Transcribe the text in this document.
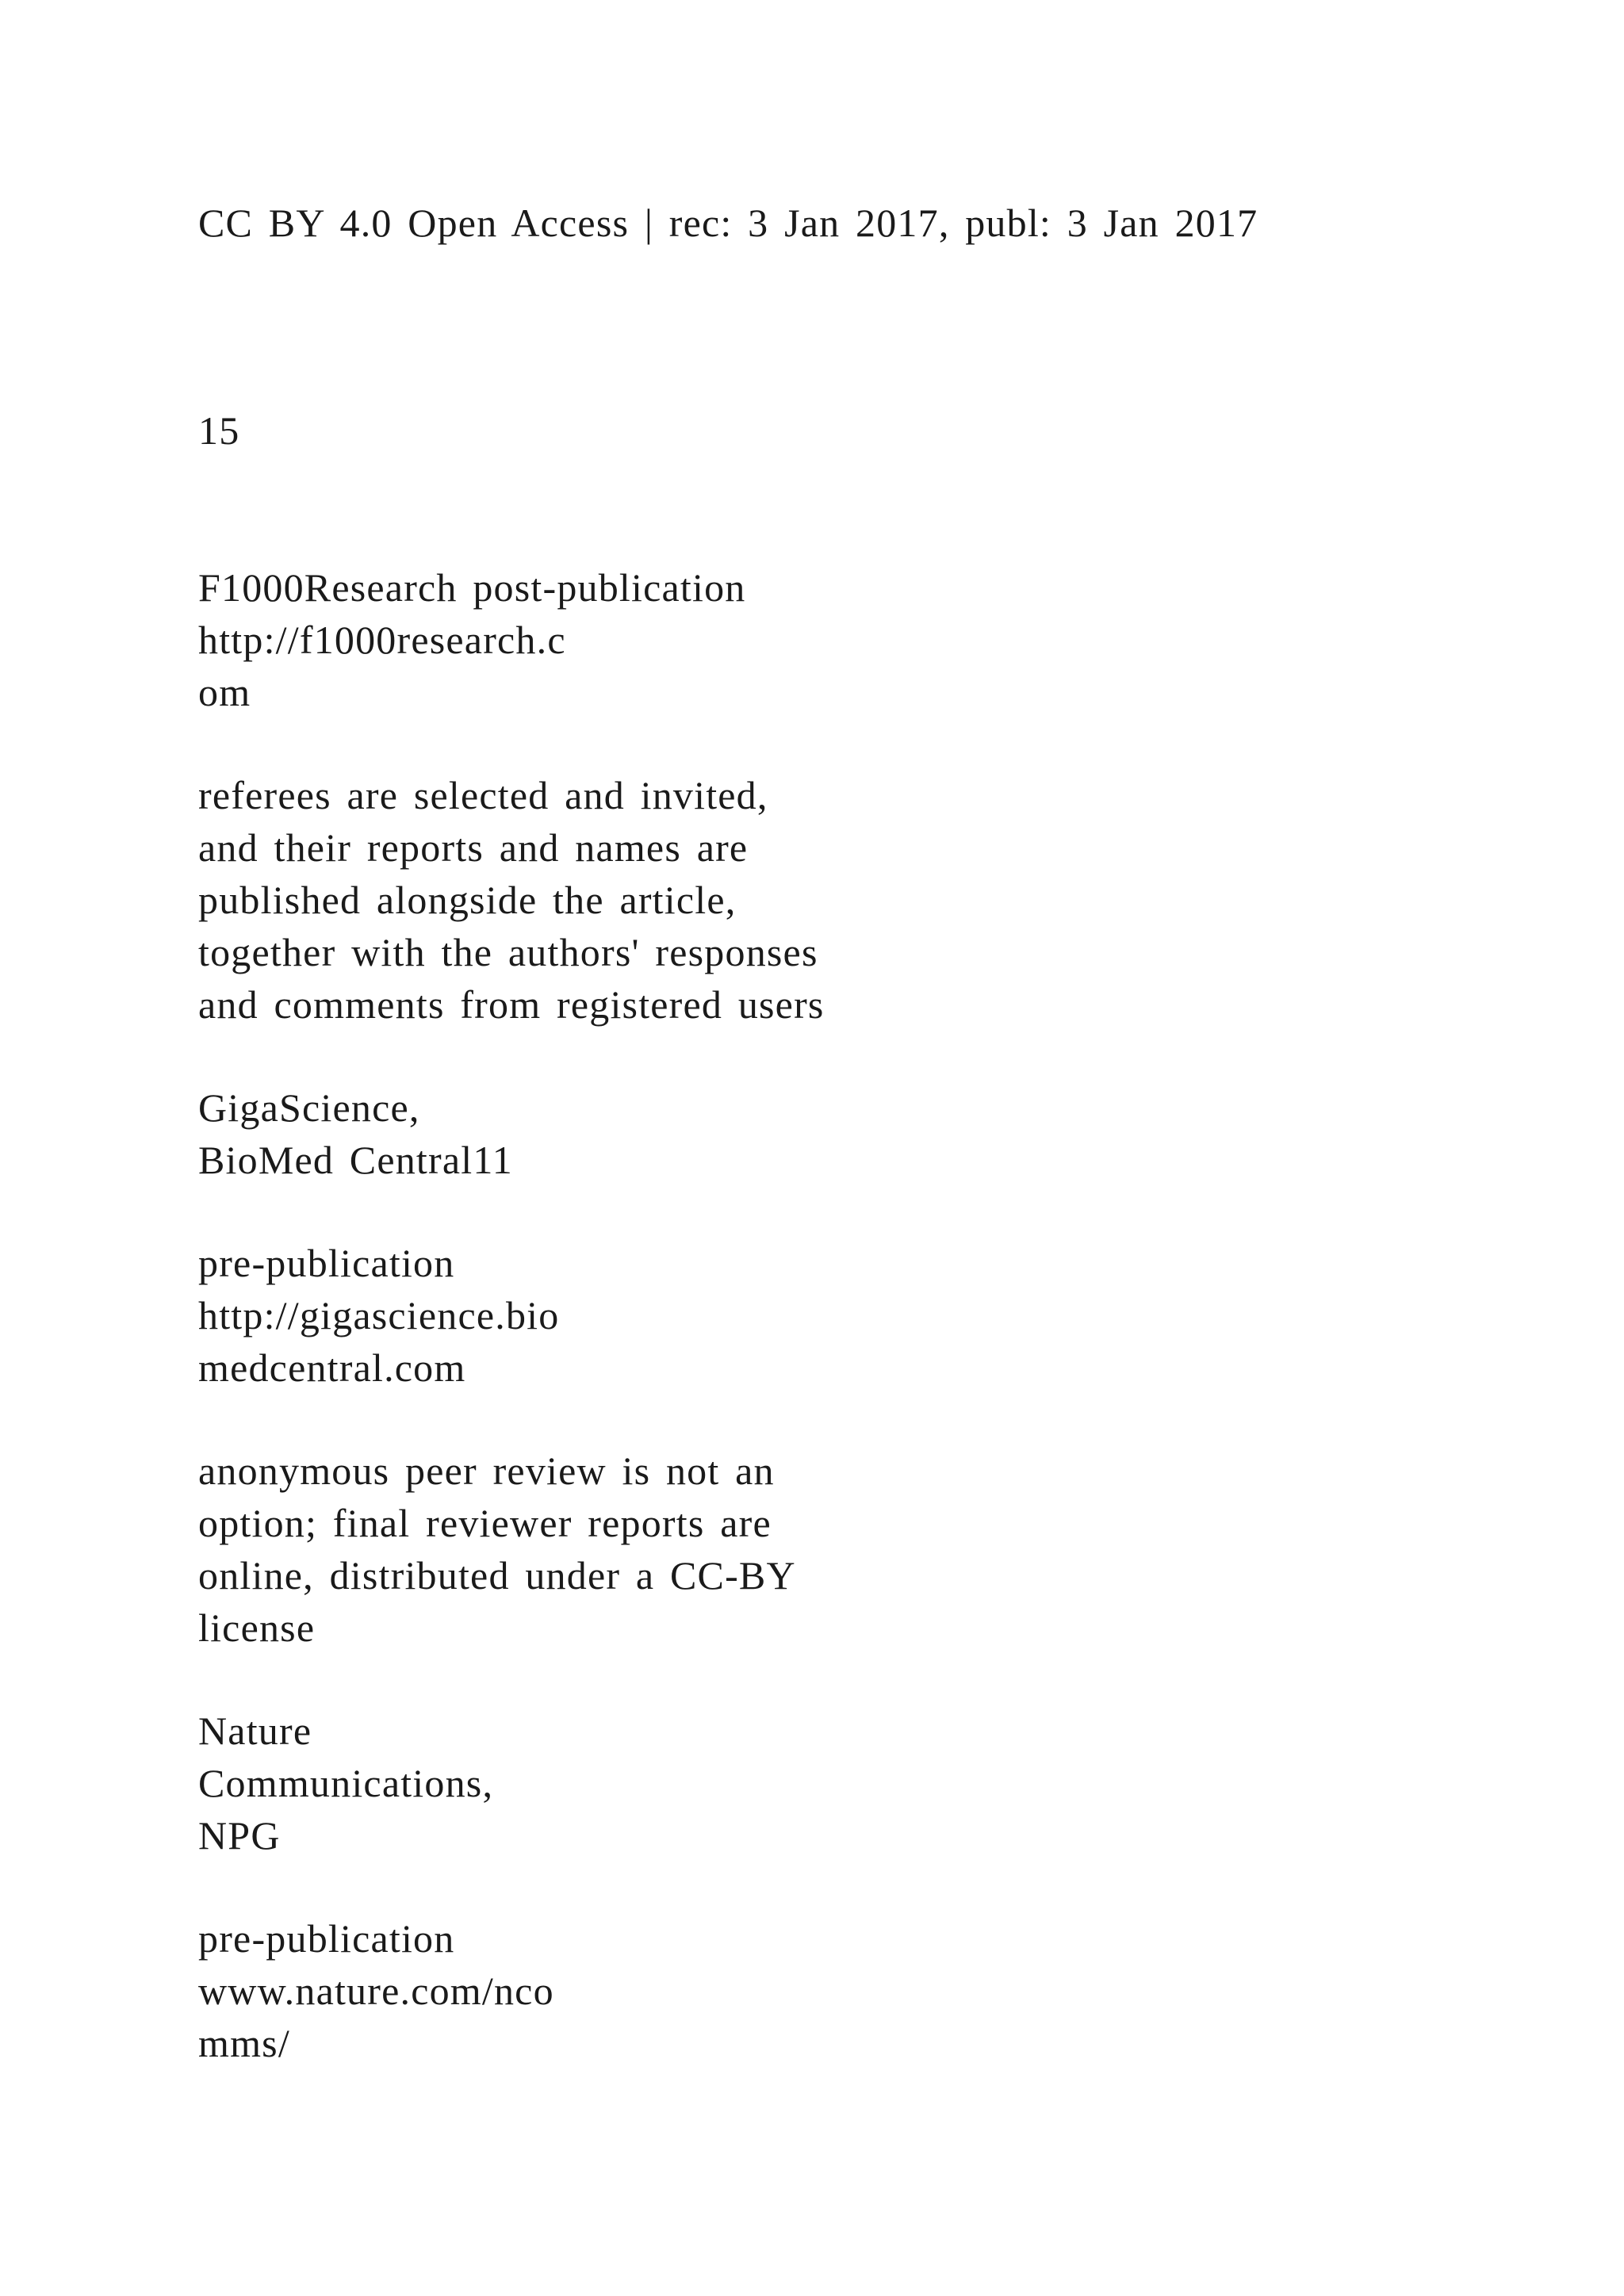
CC BY 4.0 Open Access | rec: 3 Jan 2017, publ: 3 Jan 2017
15
F1000Research post-publication
http://f1000research.c
om
referees are selected and invited,
and their reports and names are
published alongside the article,
together with the authors' responses
and comments from registered users
GigaScience,
BioMed Central11
pre-publication
http://gigascience.bio
medcentral.com
anonymous peer review is not an
option; final reviewer reports are
online, distributed under a CC-BY
license
Nature
Communications,
NPG
pre-publication
www.nature.com/nco
mms/
